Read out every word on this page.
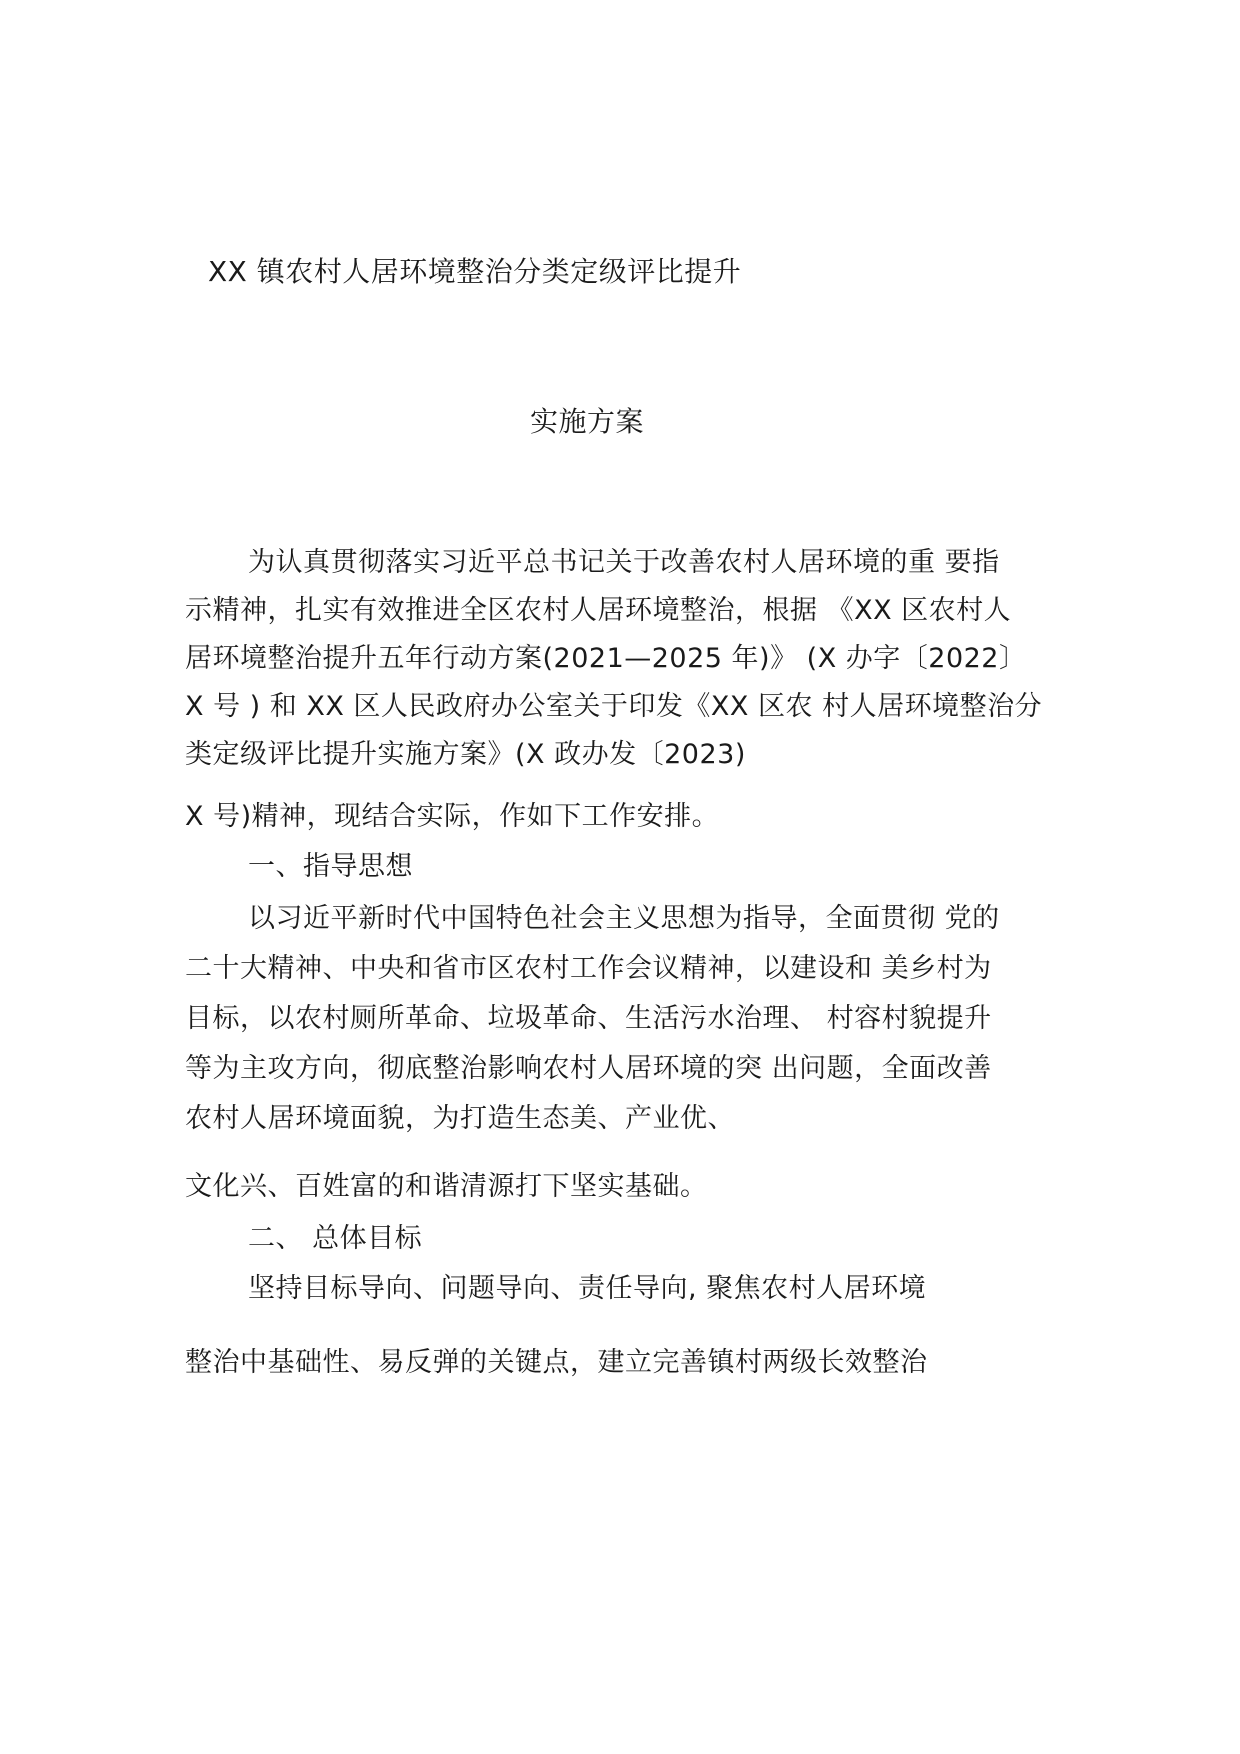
XX 镇农村人居环境整治分类定级评比提升
实施方案
为认真贯彻落实习近平总书记关于改善农村人居环境的重 要指
示精神，扎实有效推进全区农村人居环境整治，根据 《XX 区农村人
居环境整治提升五年行动方案(2021—2025 年)》 (X 办字〔2022〕
X 号 ) 和 XX 区人民政府办公室关于印发《XX 区农 村人居环境整治分
类定级评比提升实施方案》(X 政办发〔2023)
X 号)精神，现结合实际，作如下工作安排。
一、指导思想
以习近平新时代中国特色社会主义思想为指导，全面贯彻 党的
二十大精神、中央和省市区农村工作会议精神，以建设和 美乡村为
目标，以农村厕所革命、垃圾革命、生活污水治理、 村容村貌提升
等为主攻方向，彻底整治影响农村人居环境的突 出问题，全面改善
农村人居环境面貌，为打造生态美、产业优、
文化兴、百姓富的和谐清源打下坚实基础。
二、 总体目标
坚持目标导向、问题导向、责任导向, 聚焦农村人居环境
整治中基础性、易反弹的关键点，建立完善镇村两级长效整治
